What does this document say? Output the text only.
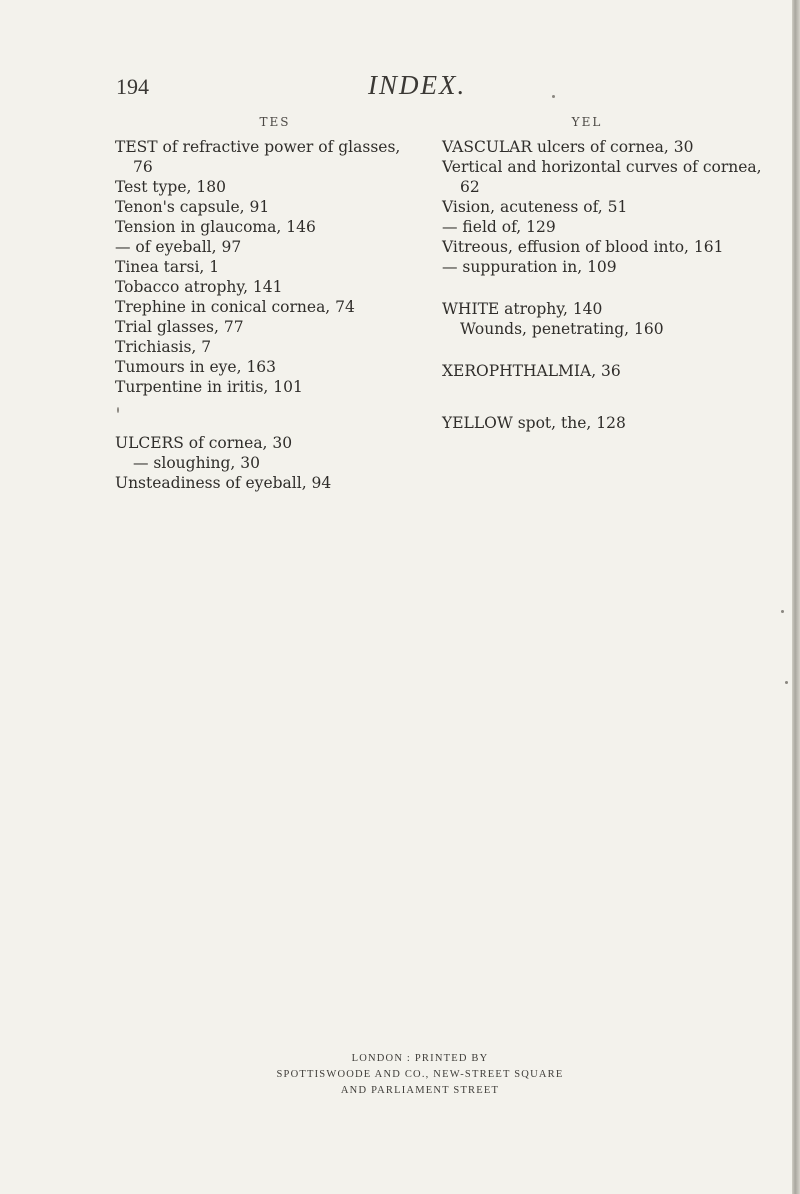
194	INDEX.
TES
TEST of refractive power of glasses, 76
Test type, 180
Tenon's capsule, 91
Tension in glaucoma, 146
— of eyeball, 97
Tinea tarsi, 1
Tobacco atrophy, 141
Trephine in conical cornea, 74
Trial glasses, 77
Trichiasis, 7
Tumours in eye, 163
Turpentine in iritis, 101
ULCERS of cornea, 30
— sloughing, 30
Unsteadiness of eyeball, 94
YEL
VASCULAR ulcers of cornea, 30
Vertical and horizontal curves of cornea, 62
Vision, acuteness of, 51
— field of, 129
Vitreous, effusion of blood into, 161
— suppuration in, 109
WHITE atrophy, 140
Wounds, penetrating, 160
XEROPHTHALMIA, 36
YELLOW spot, the, 128
LONDON : PRINTED BY
SPOTTISWOODE AND CO., NEW-STREET SQUARE
AND PARLIAMENT STREET
